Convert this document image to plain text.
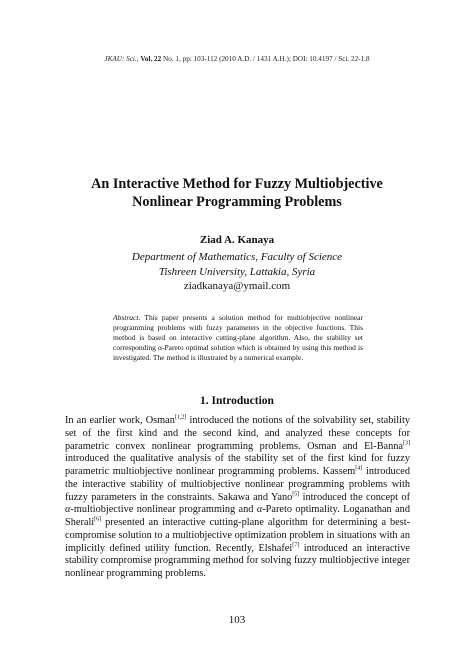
JKAU: Sci., Vol. 22 No. 1, pp: 103-112 (2010 A.D. / 1431 A.H.); DOI: 10.4197 / Sci. 22-1.8
An Interactive Method for Fuzzy Multiobjective
Nonlinear Programming Problems
Ziad A. Kanaya
Department of Mathematics, Faculty of Science
Tishreen University, Lattakia, Syria
ziadkanaya@ymail.com

Abstract. This paper presents a solution method for multiobjective nonlinear programming problems with fuzzy parameters in the objective functions. This method is based on interactive cutting-plane algorithm. Also, the stability set corresponding α-Pareto optimal solution which is obtained by using this method is investigated. The method is illustrated by a numerical example.

1. Introduction

In an earlier work, Osman[1,2] introduced the notions of the solvability set, stability set of the first kind and the second kind, and analyzed these concepts for parametric convex nonlinear programming problems. Osman and El-Banna[3] introduced the qualitative analysis of the stability set of the first kind for fuzzy parametric multiobjective nonlinear programming problems. Kassem[4] introduced the interactive stability of multiobjective nonlinear programming problems with fuzzy parameters in the constraints. Sakawa and Yano[5] introduced the concept of α-multiobjective nonlinear programming and α-Pareto optimality. Loganathan and Sherali[6] presented an interactive cutting-plane algorithm for determining a best-compromise solution to a multiobjective optimization problem in situations with an implicitly defined utility function. Recently, Elshafei[7] introduced an interactive stability compromise programming method for solving fuzzy multiobjective integer nonlinear programming problems.

103
